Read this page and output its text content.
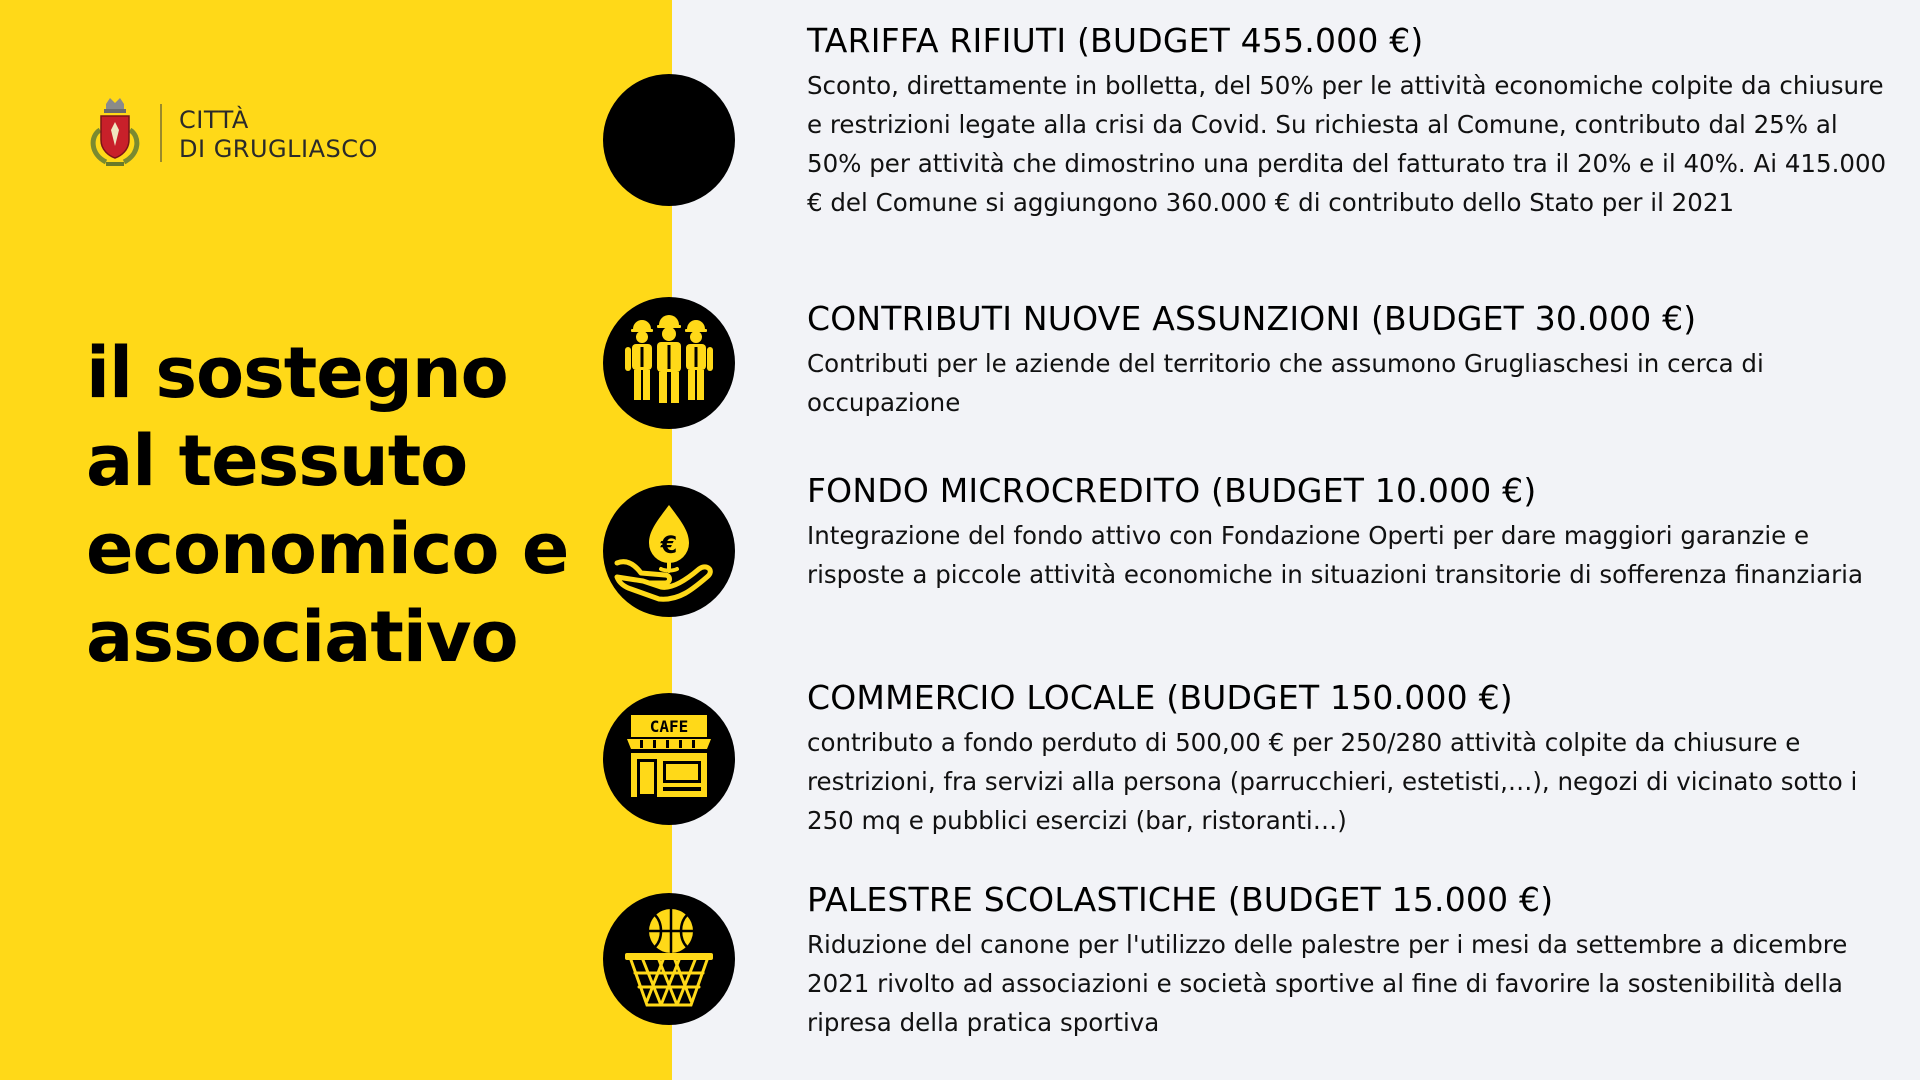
CITTÀ
DI GRUGLIASCO
il sostegno
al tessuto
economico e
associativo
€
CAFE
TARIFFA RIFIUTI (BUDGET 455.000 €)

Sconto, direttamente in bolletta, del 50% per le attività economiche colpite da chiusure e restrizioni legate alla crisi da Covid. Su richiesta al Comune, contributo dal 25% al 50% per attività che dimostrino una perdita del fatturato tra il 20% e il 40%. Ai 415.000 € del Comune si aggiungono 360.000 € di contributo dello Stato per il 2021

CONTRIBUTI NUOVE ASSUNZIONI (BUDGET 30.000 €)

Contributi per le aziende del territorio che assumono Grugliaschesi in cerca di occupazione

FONDO MICROCREDITO (BUDGET 10.000 €)

Integrazione del fondo attivo con Fondazione Operti per dare maggiori garanzie e risposte a piccole attività economiche in situazioni transitorie di sofferenza finanziaria

COMMERCIO LOCALE (BUDGET 150.000 €)

contributo a fondo perduto di 500,00 € per 250/280 attività colpite da chiusure e restrizioni, fra servizi alla persona (parrucchieri, estetisti,…), negozi di vicinato sotto i 250 mq e pubblici esercizi (bar, ristoranti…)

PALESTRE SCOLASTICHE (BUDGET 15.000 €)

Riduzione del canone per l'utilizzo delle palestre per i mesi da settembre a dicembre 2021 rivolto ad associazioni e società sportive al fine di favorire la sostenibilità della ripresa della pratica sportiva
